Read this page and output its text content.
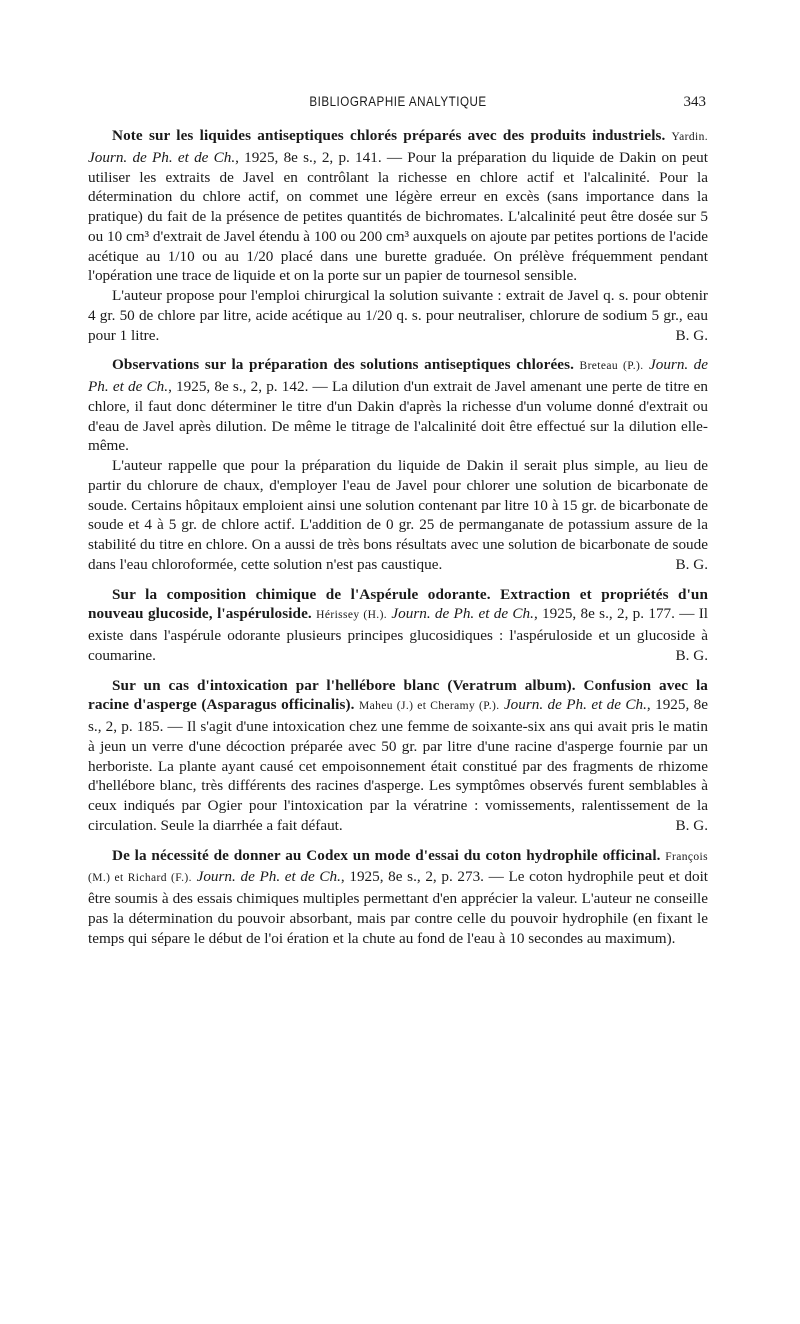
BIBLIOGRAPHIE ANALYTIQUE	343

Note sur les liquides antiseptiques chlorés préparés avec des produits industriels. Yardin. Journ. de Ph. et de Ch., 1925, 8e s., 2, p. 141. — Pour la préparation du liquide de Dakin on peut utiliser les extraits de Javel en contrôlant la richesse en chlore actif et l'alcalinité. Pour la détermination du chlore actif, on commet une légère erreur en excès (sans importance dans la pratique) du fait de la présence de petites quantités de bichromates. L'alcalinité peut être dosée sur 5 ou 10 cm³ d'extrait de Javel étendu à 100 ou 200 cm³ auxquels on ajoute par petites portions de l'acide acétique au 1/10 ou au 1/20 placé dans une burette graduée. On prélève fréquemment pendant l'opération une trace de liquide et on la porte sur un papier de tournesol sensible.

L'auteur propose pour l'emploi chirurgical la solution suivante : extrait de Javel q. s. pour obtenir 4 gr. 50 de chlore par litre, acide acétique au 1/20 q. s. pour neutraliser, chlorure de sodium 5 gr., eau pour 1 litre.	B. G.

Observations sur la préparation des solutions antiseptiques chlorées. Breteau (P.). Journ. de Ph. et de Ch., 1925, 8e s., 2, p. 142. — La dilution d'un extrait de Javel amenant une perte de titre en chlore, il faut donc déterminer le titre d'un Dakin d'après la richesse d'un volume donné d'extrait ou d'eau de Javel après dilution. De même le titrage de l'alcalinité doit être effectué sur la dilution elle-même.

L'auteur rappelle que pour la préparation du liquide de Dakin il serait plus simple, au lieu de partir du chlorure de chaux, d'employer l'eau de Javel pour chlorer une solution de bicarbonate de soude. Certains hôpitaux emploient ainsi une solution contenant par litre 10 à 15 gr. de bicarbonate de soude et 4 à 5 gr. de chlore actif. L'addition de 0 gr. 25 de permanganate de potassium assure de la stabilité du titre en chlore. On a aussi de très bons résultats avec une solution de bicarbonate de soude dans l'eau chloroformée, cette solution n'est pas caustique.	B. G.

Sur la composition chimique de l'Aspérule odorante. Extraction et propriétés d'un nouveau glucoside, l'aspéruloside. Hérissey (H.). Journ. de Ph. et de Ch., 1925, 8e s., 2, p. 177. — Il existe dans l'aspérule odorante plusieurs principes glucosidiques : l'aspéruloside et un glucoside à coumarine.	B. G.

Sur un cas d'intoxication par l'hellébore blanc (Veratrum album). Confusion avec la racine d'asperge (Asparagus officinalis). Maheu (J.) et Cheramy (P.). Journ. de Ph. et de Ch., 1925, 8e s., 2, p. 185. — Il s'agit d'une intoxication chez une femme de soixante-six ans qui avait pris le matin à jeun un verre d'une décoction préparée avec 50 gr. par litre d'une racine d'asperge fournie par un herboriste. La plante ayant causé cet empoisonnement était constitué par des fragments de rhizome d'hellébore blanc, très différents des racines d'asperge. Les symptômes observés furent semblables à ceux indiqués par Ogier pour l'intoxication par la vératrine : vomissements, ralentissement de la circulation. Seule la diarrhée a fait défaut.	B. G.

De la nécessité de donner au Codex un mode d'essai du coton hydrophile officinal. François (M.) et Richard (F.). Journ. de Ph. et de Ch., 1925, 8e s., 2, p. 273. — Le coton hydrophile peut et doit être soumis à des essais chimiques multiples permettant d'en apprécier la valeur. L'auteur ne conseille pas la détermination du pouvoir absorbant, mais par contre celle du pouvoir hydrophile (en fixant le temps qui sépare le début de l'oi ération et la chute au fond de l'eau à 10 secondes au maximum).
